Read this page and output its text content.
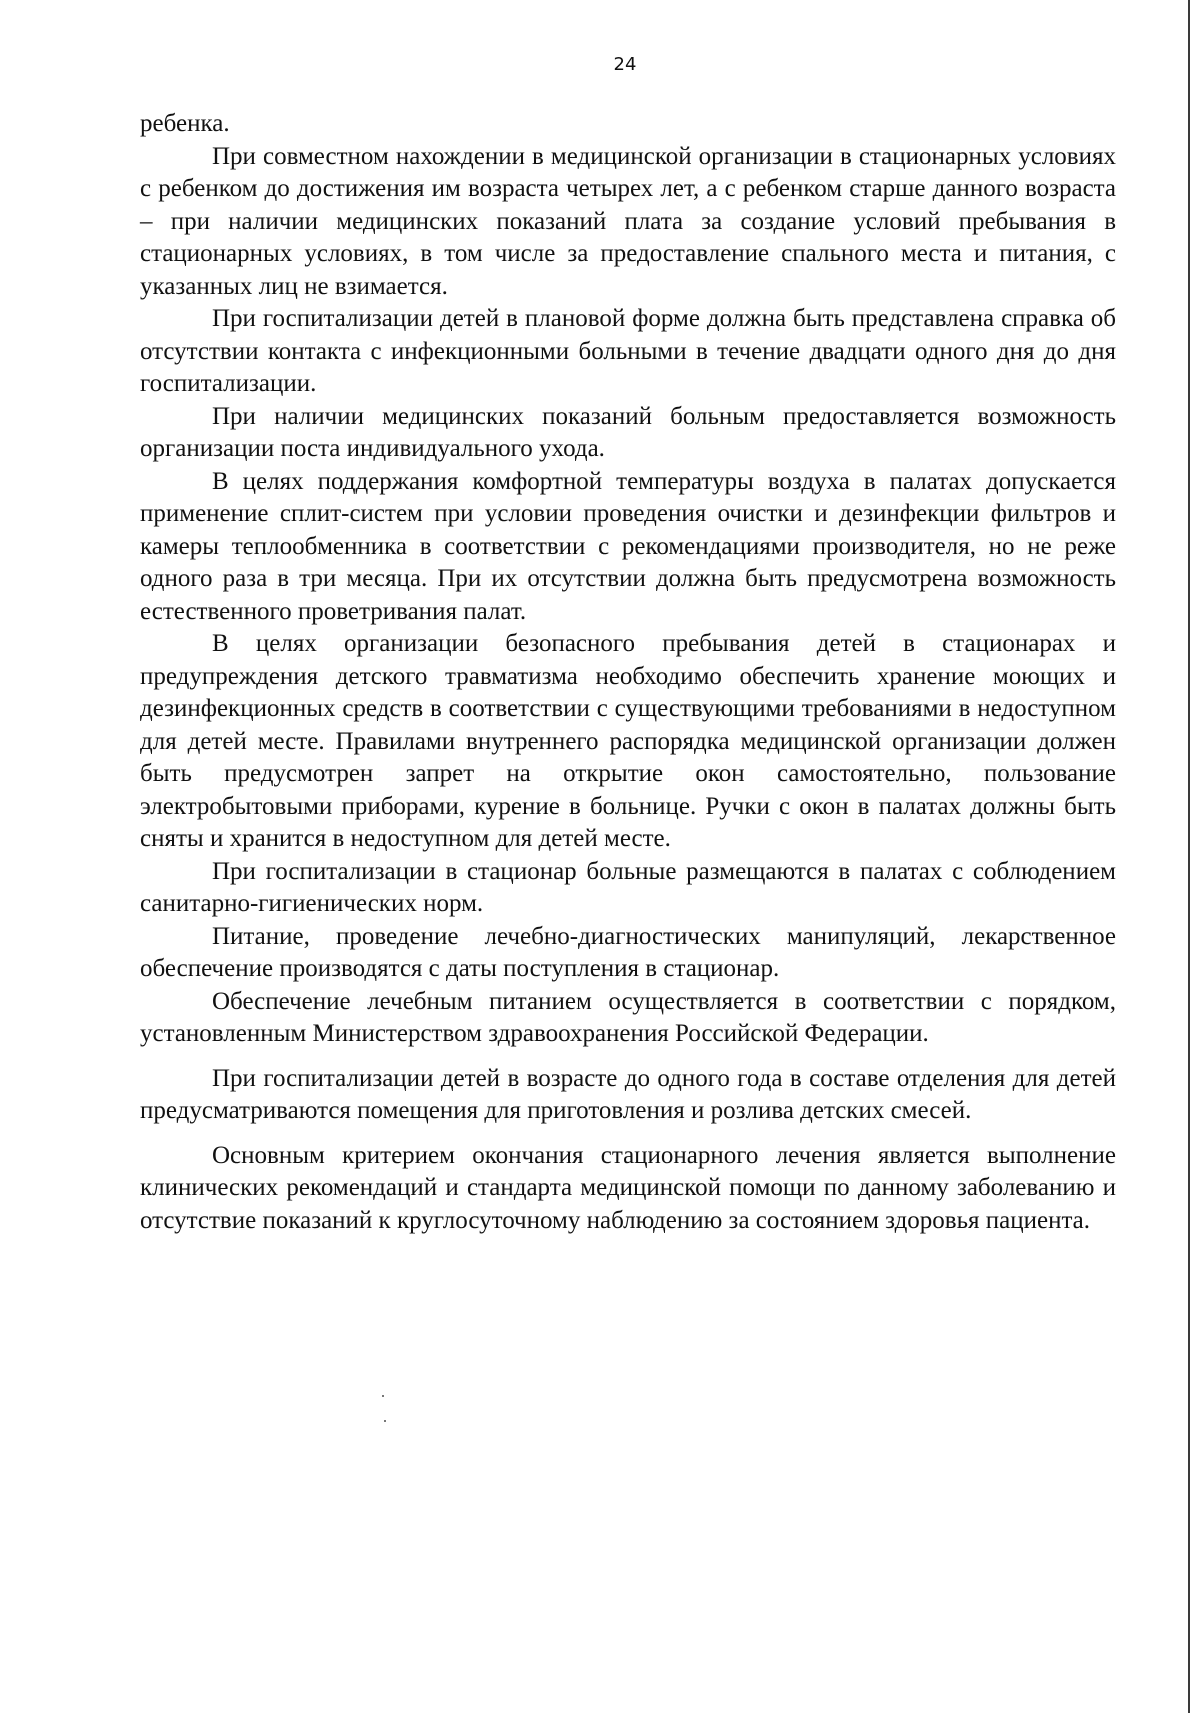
24

ребенка.

При совместном нахождении в медицинской организации в стационарных условиях с ребенком до достижения им возраста четырех лет, а с ребенком старше данного возраста – при наличии медицинских показаний плата за создание условий пребывания в стационарных условиях, в том числе за предоставление спального места и питания, с указанных лиц не взимается.

При госпитализации детей в плановой форме должна быть представлена справка об отсутствии контакта с инфекционными больными в течение двадцати одного дня до дня госпитализации.

При наличии медицинских показаний больным предоставляется возможность организации поста индивидуального ухода.

В целях поддержания комфортной температуры воздуха в палатах допускается применение сплит-систем при условии проведения очистки и дезинфекции фильтров и камеры теплообменника в соответствии с рекомендациями производителя, но не реже одного раза в три месяца. При их отсутствии должна быть предусмотрена возможность естественного проветривания палат.

В целях организации безопасного пребывания детей в стационарах и предупреждения детского травматизма необходимо обеспечить хранение моющих и дезинфекционных средств в соответствии с существующими требованиями в недоступном для детей месте. Правилами внутреннего распорядка медицинской организации должен быть предусмотрен запрет на открытие окон самостоятельно, пользование электробытовыми приборами, курение в больнице. Ручки с окон в палатах должны быть сняты и хранится в недоступном для детей месте.

При госпитализации в стационар больные размещаются в палатах с соблюдением санитарно-гигиенических норм.

Питание, проведение лечебно-диагностических манипуляций, лекарственное обеспечение производятся с даты поступления в стационар.

Обеспечение лечебным питанием осуществляется в соответствии с порядком, установленным Министерством здравоохранения Российской Федерации.

При госпитализации детей в возрасте до одного года в составе отделения для детей предусматриваются помещения для приготовления и розлива детских смесей.

Основным критерием окончания стационарного лечения является выполнение клинических рекомендаций и стандарта медицинской помощи по данному заболеванию и отсутствие показаний к круглосуточному наблюдению за состоянием здоровья пациента.
